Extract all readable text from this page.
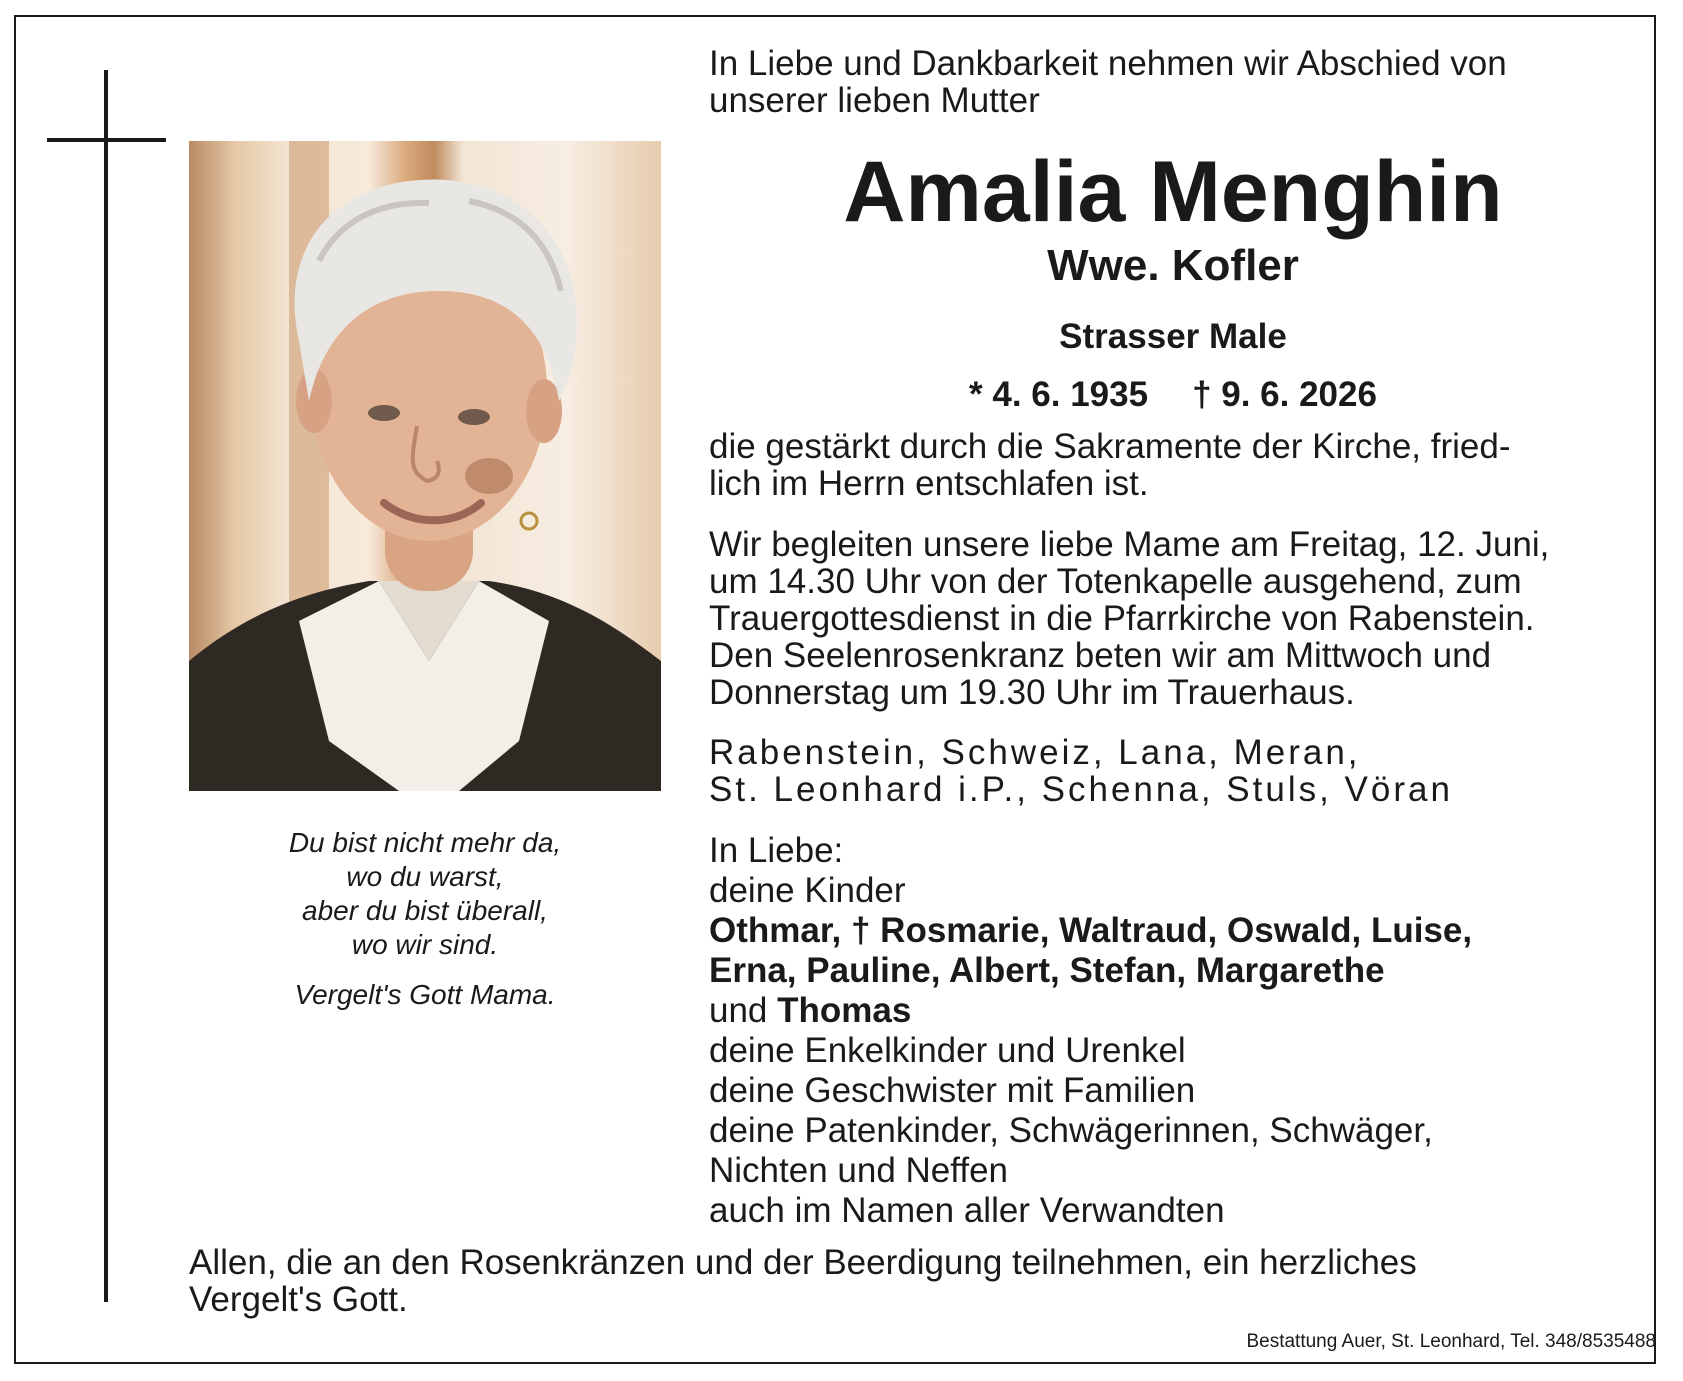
Du bist nicht mehr da,
wo du warst,
aber du bist überall,
wo wir sind.
Vergelt's Gott Mama.
In Liebe und Dankbarkeit nehmen wir Abschied von
unserer lieben Mutter
Amalia Menghin
Wwe. Kofler
Strasser Male
* 4. 6. 1935 † 9. 6. 2026
die gestärkt durch die Sakramente der Kirche, fried-
lich im Herrn entschlafen ist.
Wir begleiten unsere liebe Mame am Freitag, 12. Juni,
um 14.30 Uhr von der Totenkapelle ausgehend, zum
Trauergottesdienst in die Pfarrkirche von Rabenstein.
Den Seelenrosenkranz beten wir am Mittwoch und
Donnerstag um 19.30 Uhr im Trauerhaus.
Rabenstein, Schweiz, Lana, Meran,
St. Leonhard i.P., Schenna, Stuls, Vöran
In Liebe:
deine Kinder
Othmar, † Rosmarie, Waltraud, Oswald, Luise,
Erna, Pauline, Albert, Stefan, Margarethe
und Thomas
deine Enkelkinder und Urenkel
deine Geschwister mit Familien
deine Patenkinder, Schwägerinnen, Schwäger,
Nichten und Neffen
auch im Namen aller Verwandten
Allen, die an den Rosenkränzen und der Beerdigung teilnehmen, ein herzliches
Vergelt's Gott.
Bestattung Auer, St. Leonhard, Tel. 348/8535488
